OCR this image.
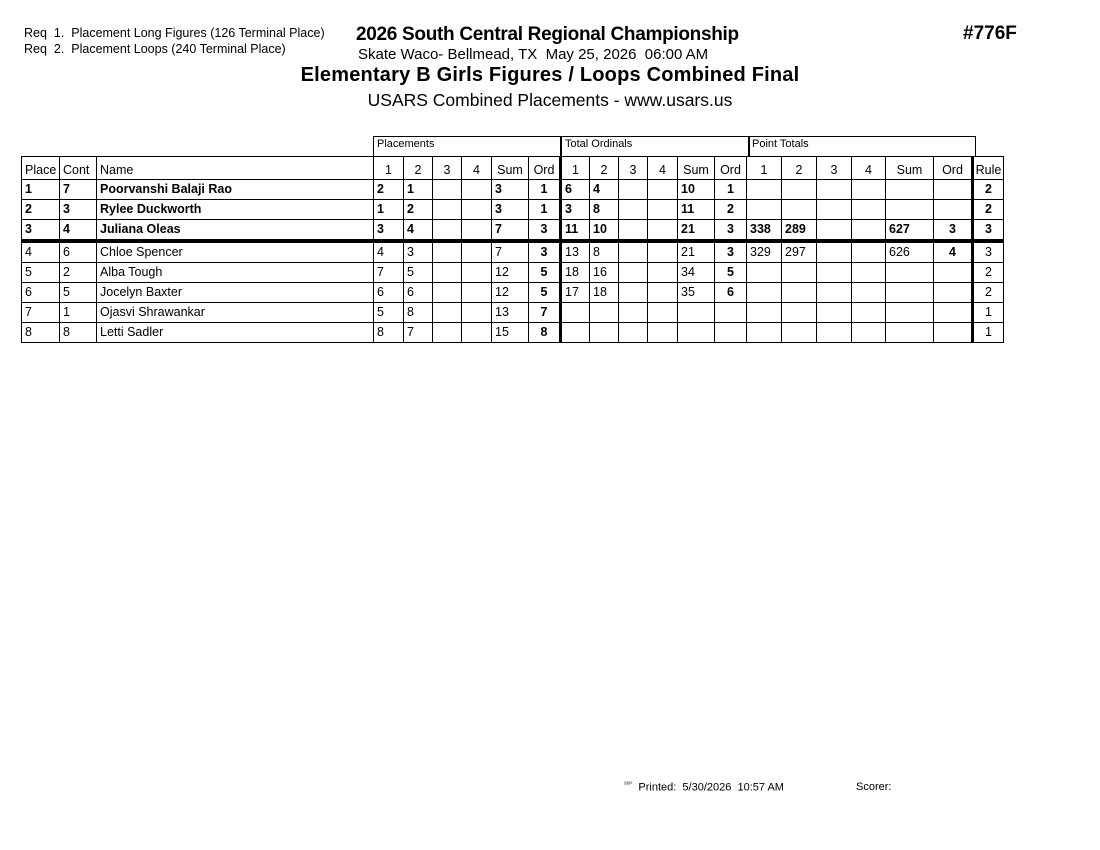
Req  1.  Placement Long Figures (126 Terminal Place)
Req  2.  Placement Loops (240 Terminal Place)
2026 South Central Regional Championship
Skate Waco- Bellmead, TX  May 25, 2026  06:00 AM
#776F
Elementary B Girls Figures / Loops Combined Final
USARS Combined Placements - www.usars.us
Placements	Total Ordinals	Point Totals
Place	Cont	Name	1	2	3	4	Sum	Ord	1	2	3	4	Sum	Ord	1	2	3	4	Sum	Ord	Rule
1	7	Poorvanshi Balaji Rao	2	1			3	1	6	4			10	1							2
2	3	Rylee Duckworth	1	2			3	1	3	8			11	2							2
3	4	Juliana Oleas	3	4			7	3	11	10			21	3	338	289			627	3	3
4	6	Chloe Spencer	4	3			7	3	13	8			21	3	329	297			626	4	3
5	2	Alba Tough	7	5			12	5	18	16			34	5							2
6	5	Jocelyn Baxter	6	6			12	5	17	18			35	6							2
7	1	Ojasvi Shrawankar	5	8			13	7													1
8	8	Letti Sadler	8	7			15	8													1
$^{^{2320}}$ Printed:  5/30/2026  10:57 AM	Scorer:
